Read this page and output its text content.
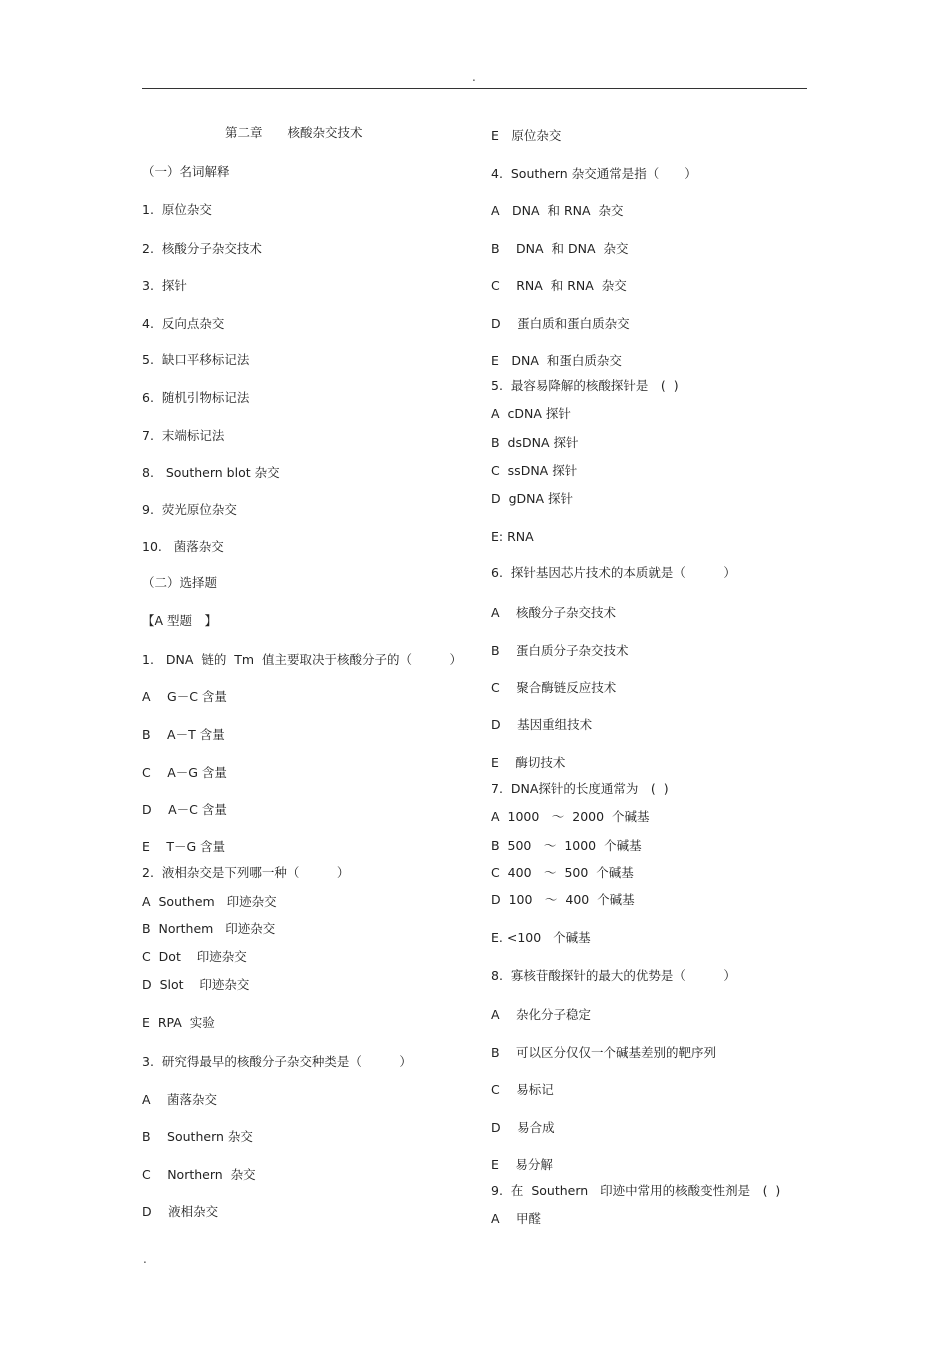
.
第二章　　核酸杂交技术
（一）名词解释
1.  原位杂交
2.  核酸分子杂交技术
3.  探针
4.  反向点杂交
5.  缺口平移标记法
6.  随机引物标记法
7.  末端标记法
8.   Southern blot 杂交
9.  荧光原位杂交
10.   菌落杂交
（二）选择题
【A 型题　】
1.   DNA  链的  Tm  值主要取决于核酸分子的（　　　）
A　 G－C 含量
B　 A－T 含量
C　 A－G 含量
D　 A－C 含量
E　 T－G 含量
2.  液相杂交是下列哪一种（　　　）
A  Southem   印迹杂交
B  Northem   印迹杂交
C  Dot    印迹杂交
D  Slot    印迹杂交
E  RPA  实验
3.  研究得最早的核酸分子杂交种类是（　　　）
A　 菌落杂交
B　 Southern 杂交
C　 Northern  杂交
D　 液相杂交
E　原位杂交
4.  Southern 杂交通常是指（　　）
A　DNA  和 RNA  杂交
B　 DNA  和 DNA  杂交
C　 RNA  和 RNA  杂交
D　 蛋白质和蛋白质杂交
E　DNA  和蛋白质杂交
5.  最容易降解的核酸探针是　(  )
A  cDNA 探针
B  dsDNA 探针
C  ssDNA 探针
D  gDNA 探针
E: RNA
6.  探针基因芯片技术的本质就是（　　　）
A　 核酸分子杂交技术
B　 蛋白质分子杂交技术
C　 聚合酶链反应技术
D　 基因重组技术
E　 酶切技术
7.  DNA探针的长度通常为　(  )
A  1000　～  2000  个碱基
B  500　～  1000  个碱基
C  400　～  500  个碱基
D  100　～  400  个碱基
E. <100   个碱基
8.  寡核苷酸探针的最大的优势是（　　　）
A　 杂化分子稳定
B　 可以区分仅仅一个碱基差别的靶序列
C　 易标记
D　 易合成
E　 易分解
9.  在  Southern   印迹中常用的核酸变性剂是　(  )
A　 甲醛
.
